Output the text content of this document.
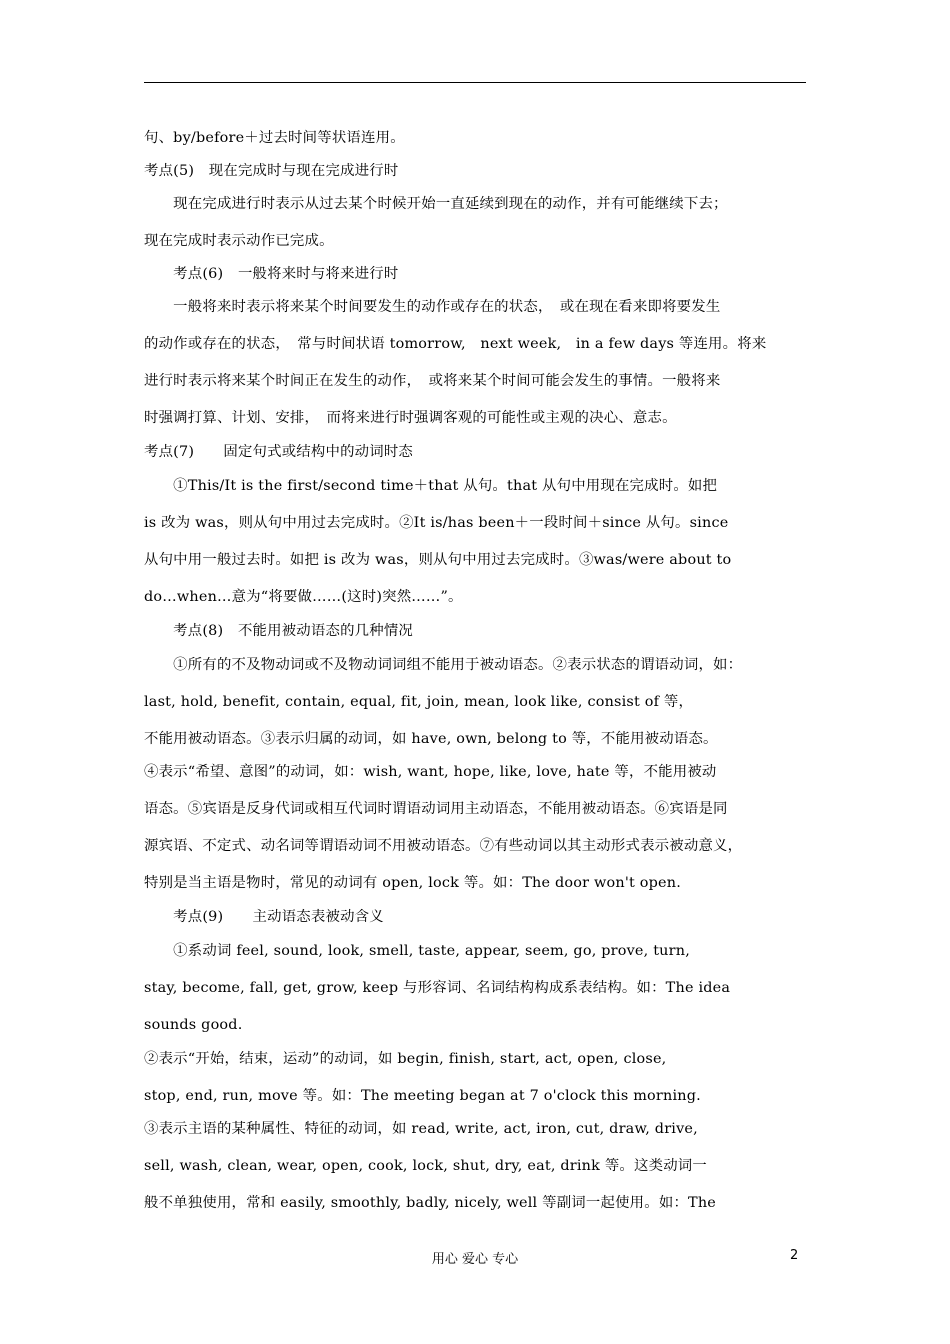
句、by/before＋过去时间等状语连用。
考点(5)　现在完成时与现在完成进行时
　　现在完成进行时表示从过去某个时候开始一直延续到现在的动作，并有可能继续下去；
现在完成时表示动作已完成。
　　考点(6)　一般将来时与将来进行时
　　一般将来时表示将来某个时间要发生的动作或存在的状态，　或在现在看来即将要发生
的动作或存在的状态，　常与时间状语 tomorrow,　next week,　in a few days 等连用。将来
进行时表示将来某个时间正在发生的动作，　或将来某个时间可能会发生的事情。一般将来
时强调打算、计划、安排，　而将来进行时强调客观的可能性或主观的决心、意志。
考点(7)　　固定句式或结构中的动词时态
　　①This/It is the first/second time＋that 从句。that 从句中用现在完成时。如把
is 改为 was，则从句中用过去完成时。②It is/has been＋一段时间＋since 从句。since
从句中用一般过去时。如把 is 改为 was，则从句中用过去完成时。③was/were about to
do…when…意为“将要做……(这时)突然……”。
　　考点(8)　不能用被动语态的几种情况
　　①所有的不及物动词或不及物动词词组不能用于被动语态。②表示状态的谓语动词，如：
last, hold, benefit, contain, equal, fit, join, mean, look like, consist of 等，
不能用被动语态。③表示归属的动词，如 have, own, belong to 等，不能用被动语态。
④表示“希望、意图”的动词，如：wish, want, hope, like, love, hate 等，不能用被动
语态。⑤宾语是反身代词或相互代词时谓语动词用主动语态，不能用被动语态。⑥宾语是同
源宾语、不定式、动名词等谓语动词不用被动语态。⑦有些动词以其主动形式表示被动意义，
特别是当主语是物时，常见的动词有 open, lock 等。如：The door won't open.
　　考点(9)　　主动语态表被动含义
　　①系动词 feel, sound, look, smell, taste, appear, seem, go, prove, turn,
stay, become, fall, get, grow, keep 与形容词、名词结构构成系表结构。如：The idea
sounds good.
②表示“开始，结束，运动”的动词，如 begin, finish, start, act, open, close,
stop, end, run, move 等。如：The meeting began at 7 o'clock this morning.
③表示主语的某种属性、特征的动词，如 read, write, act, iron, cut, draw, drive,
sell, wash, clean, wear, open, cook, lock, shut, dry, eat, drink 等。这类动词一
般不单独使用，常和 easily, smoothly, badly, nicely, well 等副词一起使用。如：The
用心 爱心 专心	2
